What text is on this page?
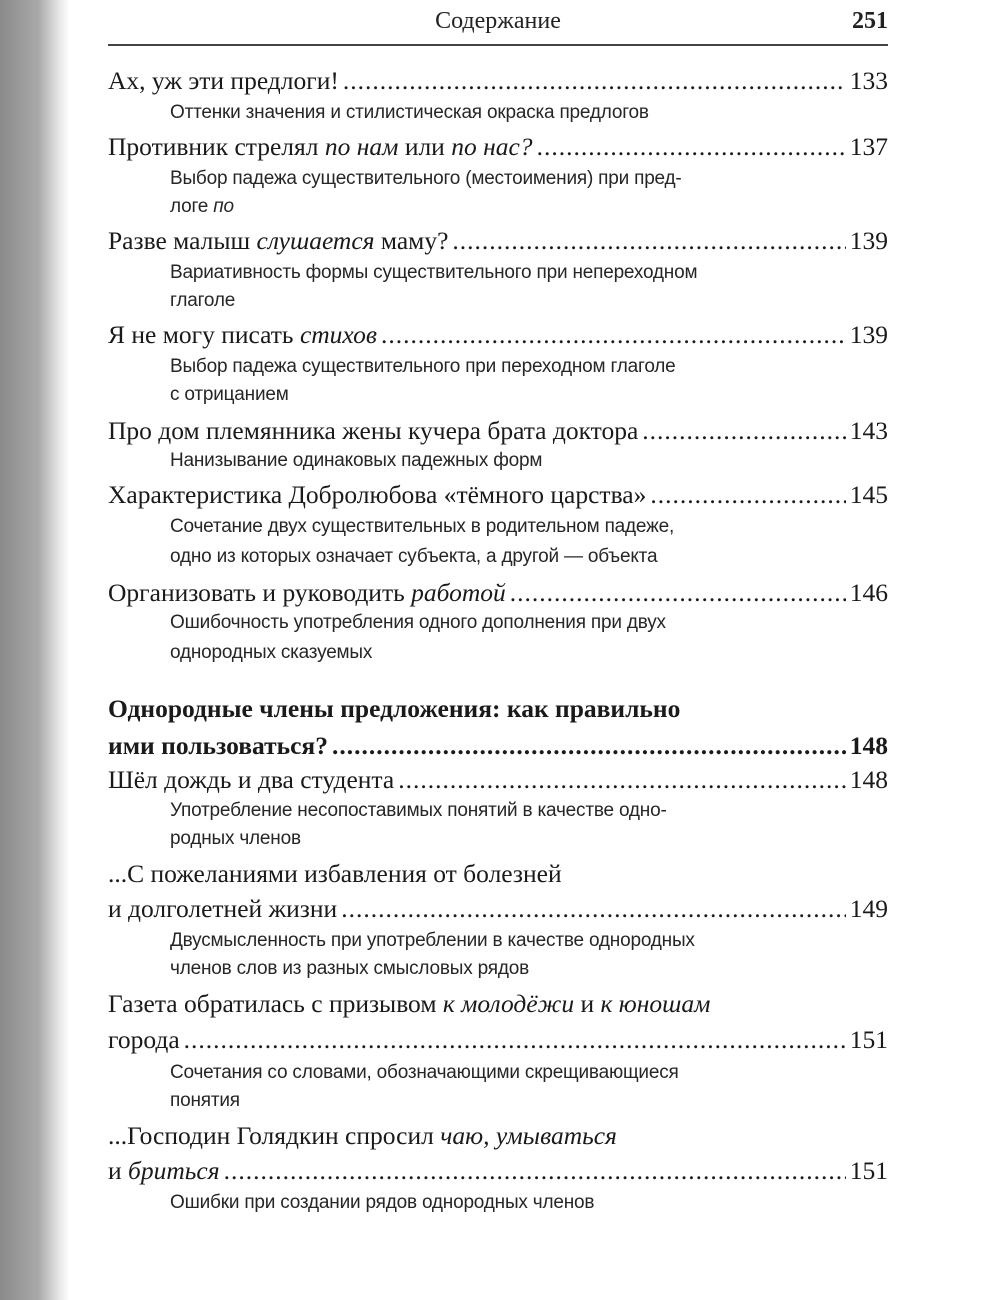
Содержание	251
Ах, уж эти предлоги! .....	133
Оттенки значения и стилистическая окраска предлогов
Противник стрелял по нам или по нас? .....	137
Выбор падежа существительного (местоимения) при пред-
логе по
Разве малыш слушается маму? .....	139
Вариативность формы существительного при непереходном
глаголе
Я не могу писать стихов .....	139
Выбор падежа существительного при переходном глаголе
с отрицанием
Про дом племянника жены кучера брата доктора .....	143
Нанизывание одинаковых падежных форм
Характеристика Добролюбова «тёмного царства» .....	145
Сочетание двух существительных в родительном падеже,
одно из которых означает субъекта, а другой — объекта
Организовать и руководить работой .....	146
Ошибочность употребления одного дополнения при двух
однородных сказуемых
Однородные члены предложения: как правильно
ими пользоваться? .....	148
Шёл дождь и два студента .....	148
Употребление несопоставимых понятий в качестве одно-
родных членов
...С пожеланиями избавления от болезней
и долголетней жизни .....	149
Двусмысленность при употреблении в качестве однородных
членов слов из разных смысловых рядов
Газета обратилась с призывом к молодёжи и к юношам
города .....	151
Сочетания со словами, обозначающими скрещивающиеся
понятия
...Господин Голядкин спросил чаю, умываться
и бриться .....	151
Ошибки при создании рядов однородных членов
